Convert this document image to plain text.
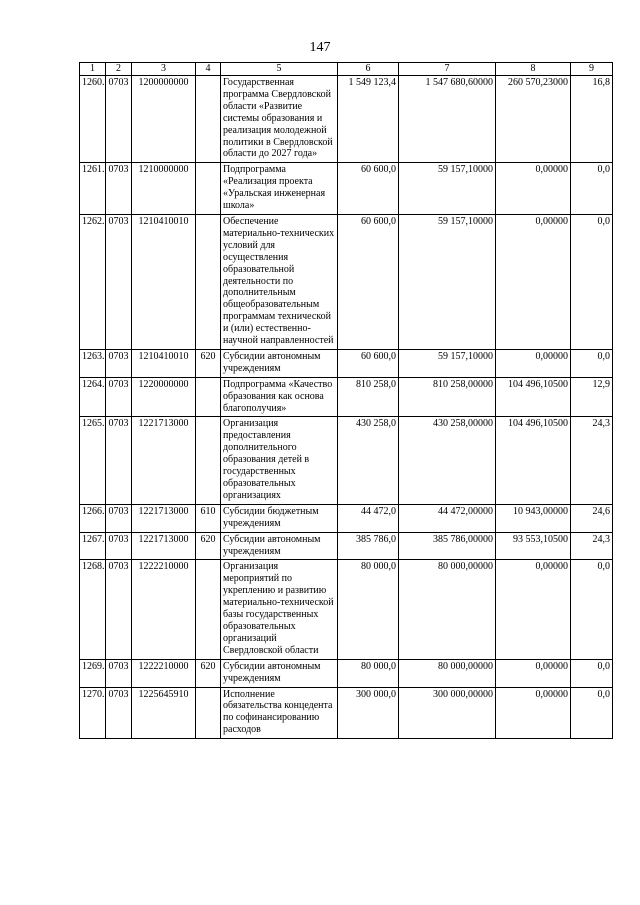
147
1	2	3	4	5	6	7	8	9
1260.	0703	1200000000		Государственная программа Свердловской области «Развитие системы образования и реализация молодежной политики в Свердловской области до 2027 года»	1 549 123,4	1 547 680,60000	260 570,23000	16,8
1261.	0703	1210000000		Подпрограмма «Реализация проекта «Уральская инженерная школа»	60 600,0	59 157,10000	0,00000	0,0
1262.	0703	1210410010		Обеспечение материально-технических условий для осуществления образовательной деятельности по дополнительным общеобразовательным программам технической и (или) естественно-научной направленностей	60 600,0	59 157,10000	0,00000	0,0
1263.	0703	1210410010	620	Субсидии автономным учреждениям	60 600,0	59 157,10000	0,00000	0,0
1264.	0703	1220000000		Подпрограмма «Качество образования как основа благополучия»	810 258,0	810 258,00000	104 496,10500	12,9
1265.	0703	1221713000		Организация предоставления дополнительного образования детей в государственных образовательных организациях	430 258,0	430 258,00000	104 496,10500	24,3
1266.	0703	1221713000	610	Субсидии бюджетным учреждениям	44 472,0	44 472,00000	10 943,00000	24,6
1267.	0703	1221713000	620	Субсидии автономным учреждениям	385 786,0	385 786,00000	93 553,10500	24,3
1268.	0703	1222210000		Организация мероприятий по укреплению и развитию материально-технической базы государственных образовательных организаций Свердловской области	80 000,0	80 000,00000	0,00000	0,0
1269.	0703	1222210000	620	Субсидии автономным учреждениям	80 000,0	80 000,00000	0,00000	0,0
1270.	0703	1225645910		Исполнение обязательства концедента по софинансированию расходов	300 000,0	300 000,00000	0,00000	0,0
